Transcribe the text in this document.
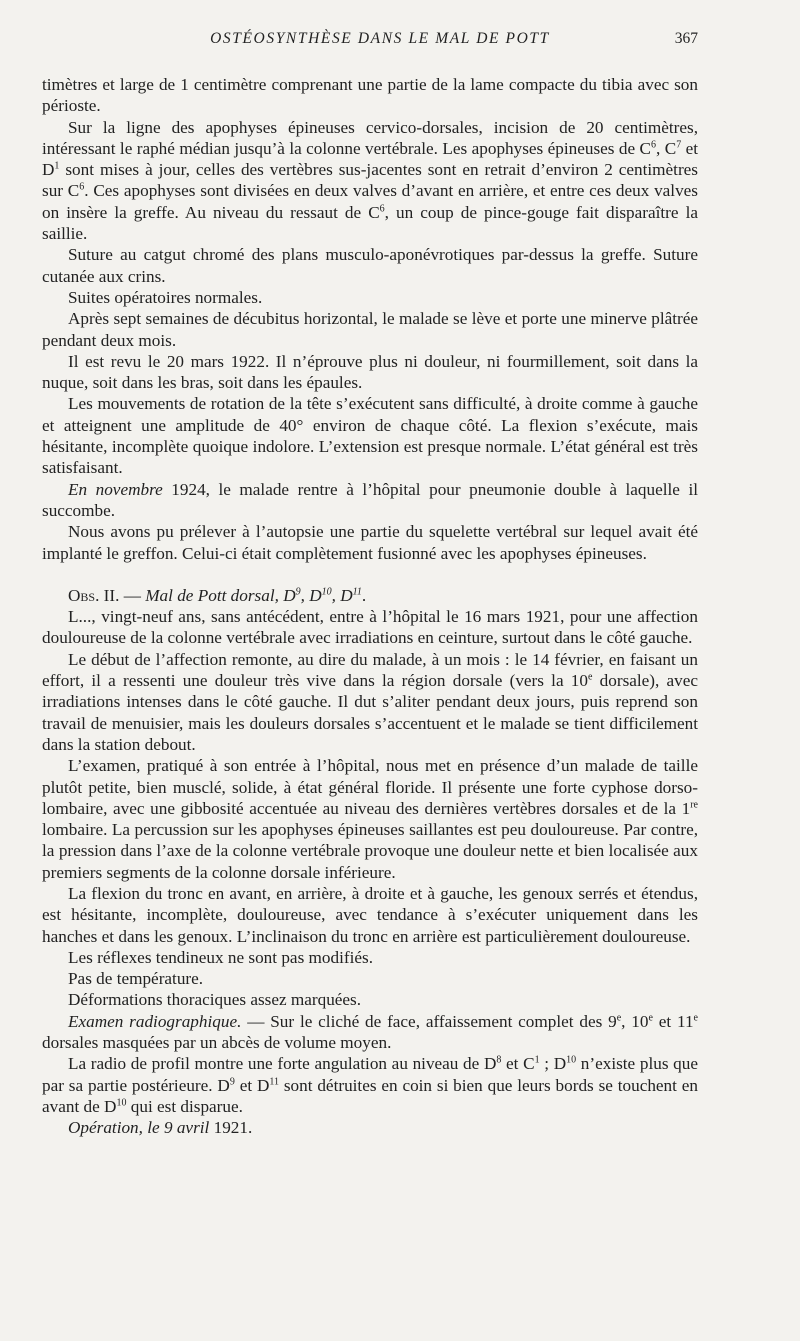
OSTÉOSYNTHÈSE DANS LE MAL DE POTT	367

timètres et large de 1 centimètre comprenant une partie de la lame compacte du tibia avec son périoste.

Sur la ligne des apophyses épineuses cervico-dorsales, incision de 20 centimètres, intéressant le raphé médian jusqu’à la colonne vertébrale. Les apophyses épineuses de $C^6$, $C^7$ et $D^1$ sont mises à jour, celles des vertèbres sus-jacentes sont en retrait d’environ 2 centimètres sur $C^6$. Ces apophyses sont divisées en deux valves d’avant en arrière, et entre ces deux valves on insère la greffe. Au niveau du ressaut de $C^6$, un coup de pince-gouge fait disparaître la saillie.

Suture au catgut chromé des plans musculo-aponévrotiques par-dessus la greffe. Suture cutanée aux crins.

Suites opératoires normales.

Après sept semaines de décubitus horizontal, le malade se lève et porte une minerve plâtrée pendant deux mois.

Il est revu le 20 mars 1922. Il n’éprouve plus ni douleur, ni fourmillement, soit dans la nuque, soit dans les bras, soit dans les épaules.

Les mouvements de rotation de la tête s’exécutent sans difficulté, à droite comme à gauche et atteignent une amplitude de 40° environ de chaque côté. La flexion s’exécute, mais hésitante, incomplète quoique indolore. L’extension est presque normale. L’état général est très satisfaisant.

En novembre 1924, le malade rentre à l’hôpital pour pneumonie double à laquelle il succombe.

Nous avons pu prélever à l’autopsie une partie du squelette vertébral sur lequel avait été implanté le greffon. Celui-ci était complètement fusionné avec les apophyses épineuses.

Obs. II. — Mal de Pott dorsal, $D^9$, $D^{10}$, $D^{11}$.

L..., vingt-neuf ans, sans antécédent, entre à l’hôpital le 16 mars 1921, pour une affection douloureuse de la colonne vertébrale avec irradiations en ceinture, surtout dans le côté gauche.

Le début de l’affection remonte, au dire du malade, à un mois : le 14 février, en faisant un effort, il a ressenti une douleur très vive dans la région dorsale (vers la 10e dorsale), avec irradiations intenses dans le côté gauche. Il dut s’aliter pendant deux jours, puis reprend son travail de menuisier, mais les douleurs dorsales s’accentuent et le malade se tient difficilement dans la station debout.

L’examen, pratiqué à son entrée à l’hôpital, nous met en présence d’un malade de taille plutôt petite, bien musclé, solide, à état général floride. Il présente une forte cyphose dorso-lombaire, avec une gibbosité accentuée au niveau des dernières vertèbres dorsales et de la 1re lombaire. La percussion sur les apophyses épineuses saillantes est peu douloureuse. Par contre, la pression dans l’axe de la colonne vertébrale provoque une douleur nette et bien localisée aux premiers segments de la colonne dorsale inférieure.

La flexion du tronc en avant, en arrière, à droite et à gauche, les genoux serrés et étendus, est hésitante, incomplète, douloureuse, avec tendance à s’exécuter uniquement dans les hanches et dans les genoux. L’inclinaison du tronc en arrière est particulièrement douloureuse.

Les réflexes tendineux ne sont pas modifiés.

Pas de température.

Déformations thoraciques assez marquées.

Examen radiographique. — Sur le cliché de face, affaissement complet des 9e, 10e et 11e dorsales masquées par un abcès de volume moyen.

La radio de profil montre une forte angulation au niveau de $D^8$ et $C^1$ ; $D^{10}$ n’existe plus que par sa partie postérieure. $D^9$ et $D^{11}$ sont détruites en coin si bien que leurs bords se touchent en avant de $D^{10}$ qui est disparue.

Opération, le 9 avril 1921.
